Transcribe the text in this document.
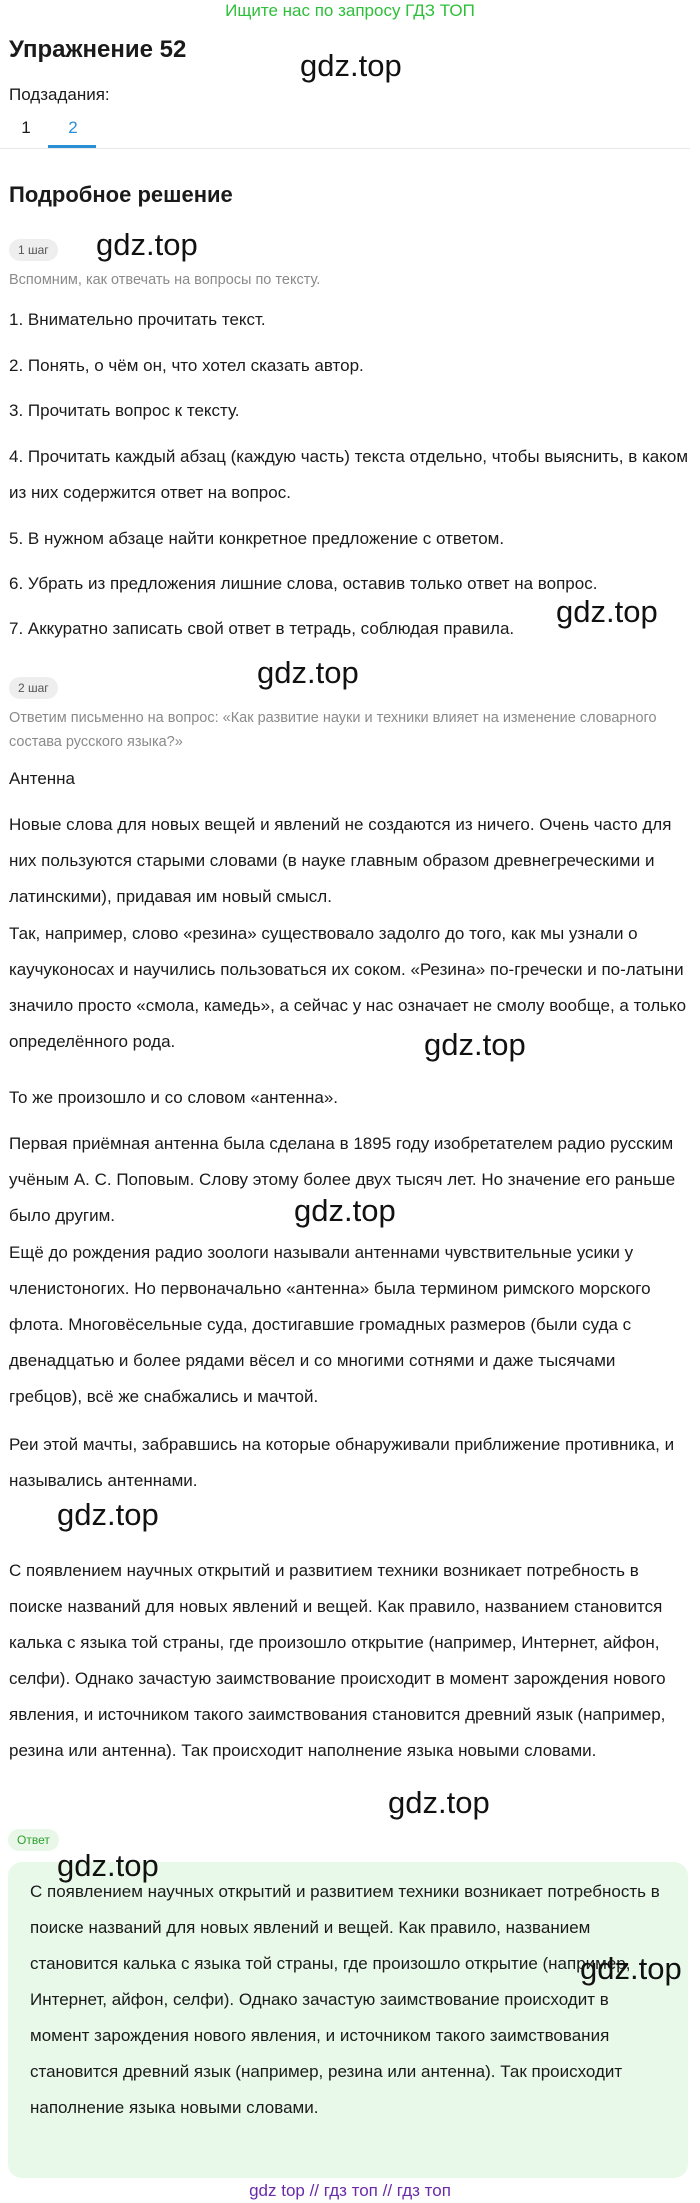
Ищите нас по запросу ГДЗ ТОП
Упражнение 52
Подзадания:
1	2
Подробное решение
1 шаг
Вспомним, как отвечать на вопросы по тексту.
1. Внимательно прочитать текст.
2. Понять, о чём он, что хотел сказать автор.
3. Прочитать вопрос к тексту.
4. Прочитать каждый абзац (каждую часть) текста отдельно, чтобы выяснить, в каком из них содержится ответ на вопрос.
5. В нужном абзаце найти конкретное предложение с ответом.
6. Убрать из предложения лишние слова, оставив только ответ на вопрос.
7. Аккуратно записать свой ответ в тетрадь, соблюдая правила.
2 шаг
Ответим письменно на вопрос: «Как развитие науки и техники влияет на изменение словарного состава русского языка?»
Антенна
Новые слова для новых вещей и явлений не создаются из ничего. Очень часто для них пользуются старыми словами (в науке главным образом древнегреческими и латинскими), придавая им новый смысл.
Так, например, слово «резина» существовало задолго до того, как мы узнали о каучуконосах и научились пользоваться их соком. «Резина» по-гречески и по-латыни значило просто «смола, камедь», а сейчас у нас означает не смолу вообще, а только определённого рода.
То же произошло и со словом «антенна».
Первая приёмная антенна была сделана в 1895 году изобретателем радио русским учёным А. С. Поповым. Слову этому более двух тысяч лет. Но значение его раньше было другим.
Ещё до рождения радио зоологи называли антеннами чувствительные усики у членистоногих. Но первоначально «антенна» была термином римского морского флота. Многовёсельные суда, достигавшие громадных размеров (были суда с двенадцатью и более рядами вёсел и со многими сотнями и даже тысячами гребцов), всё же снабжались и мачтой.
Реи этой мачты, забравшись на которые обнаруживали приближение противника, и назывались антеннами.
С появлением научных открытий и развитием техники возникает потребность в поиске названий для новых явлений и вещей. Как правило, названием становится калька с языка той страны, где произошло открытие (например, Интернет, айфон, селфи). Однако зачастую заимствование происходит в момент зарождения нового явления, и источником такого заимствования становится древний язык (например, резина или антенна). Так происходит наполнение языка новыми словами.
Ответ
С появлением научных открытий и развитием техники возникает потребность в поиске названий для новых явлений и вещей. Как правило, названием становится калька с языка той страны, где произошло открытие (например, Интернет, айфон, селфи). Однако зачастую заимствование происходит в момент зарождения нового явления, и источником такого заимствования становится древний язык (например, резина или антенна). Так происходит наполнение языка новыми словами.
gdz.top
gdz.top
gdz.top
gdz.top
gdz.top
gdz.top
gdz.top
gdz.top
gdz.top
gdz.top
gdz top // гдз топ // гдз топ
